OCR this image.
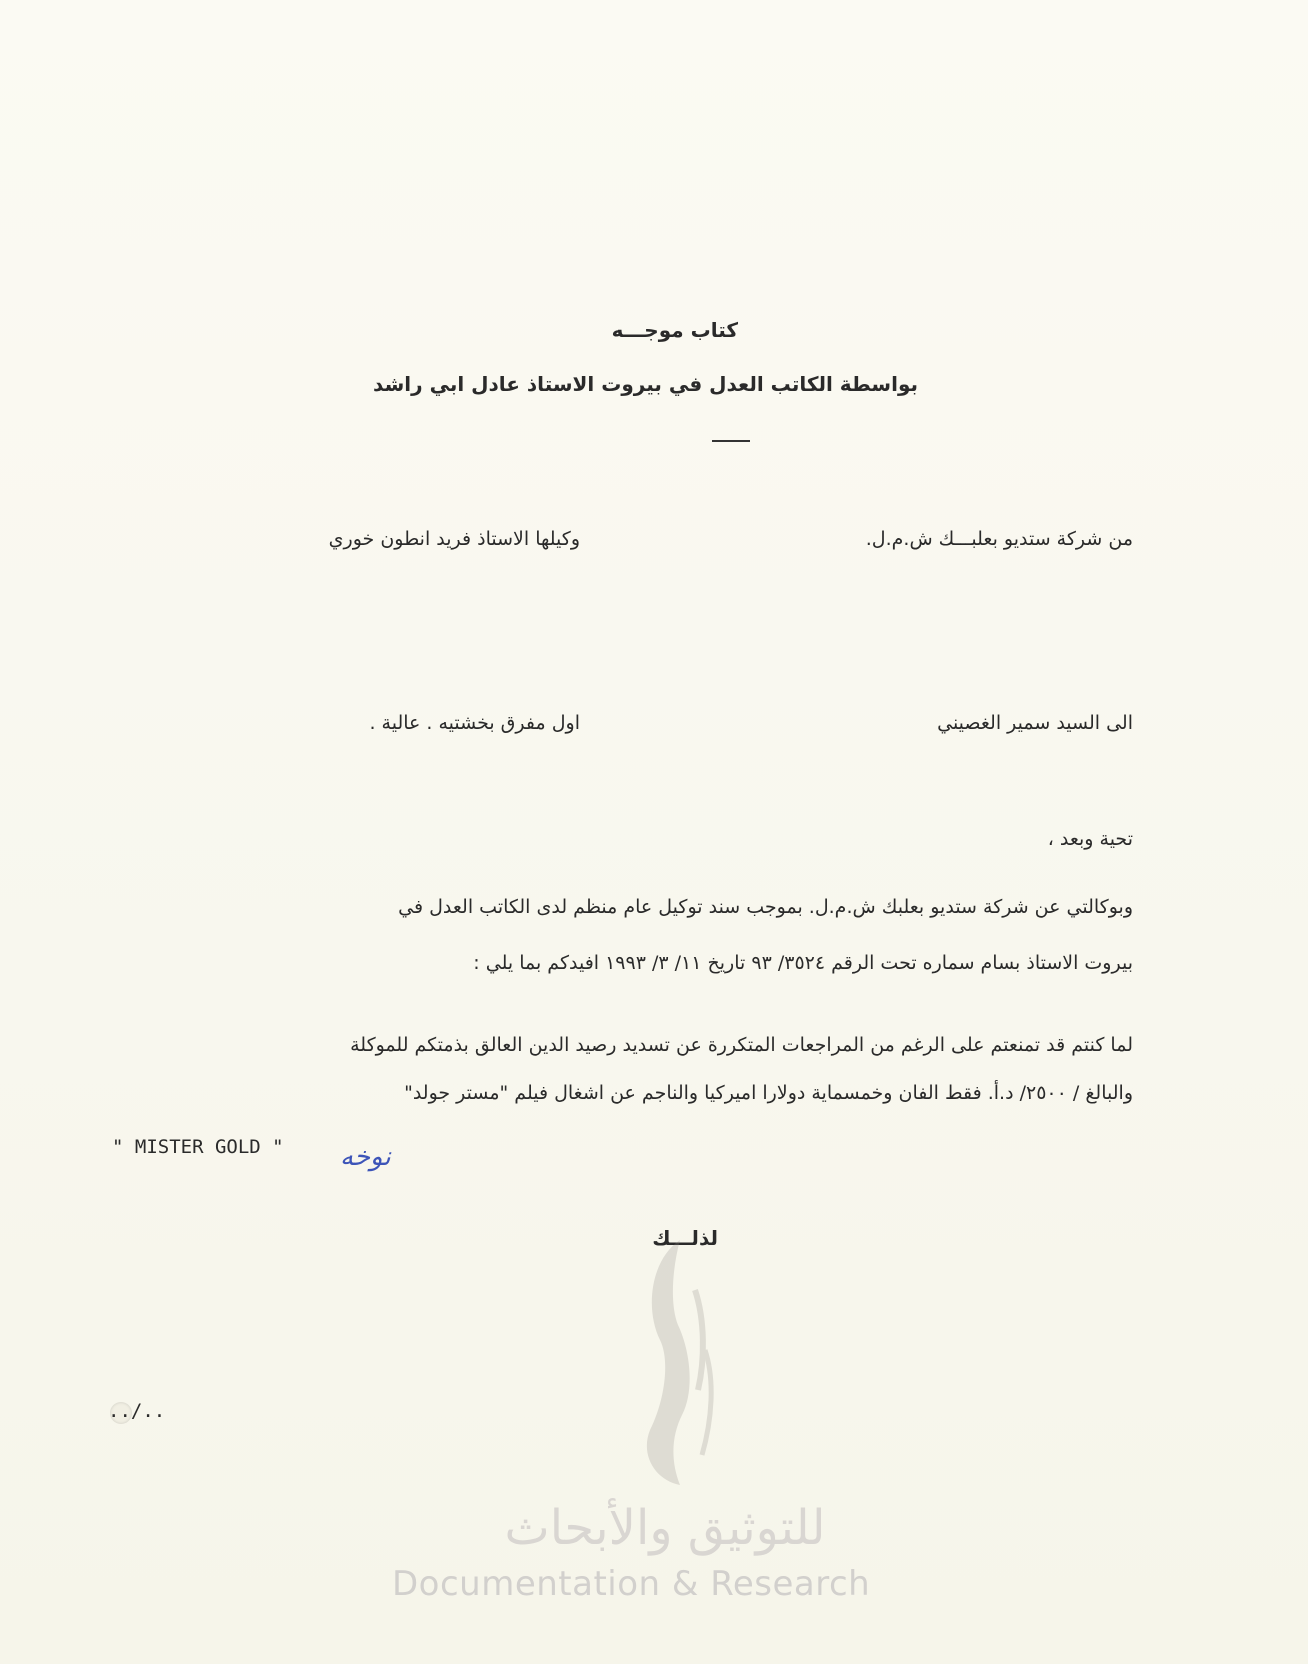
كتاب موجـــه
بواسطة الكاتب العدل في بيروت الاستاذ عادل ابي راشد
من شركة ستديو بعلبـــك ش.م.ل.
وكيلها الاستاذ فريد انطون خوري
الى السيد سمير الغصيني
اول مفرق بخشتيه . عالية .
تحية وبعد ،
وبوكالتي عن شركة ستديو بعلبك ش.م.ل. بموجب سند توكيل عام منظم لدى الكاتب العدل في
بيروت الاستاذ بسام سماره تحت الرقم ٣٥٢٤/ ٩٣ تاريخ ١١/ ٣/ ١٩٩٣ افيدكم بما يلي :
لما كنتم قد تمنعتم على الرغم من المراجعات المتكررة عن تسديد رصيد الدين العالق بذمتكم للموكلة
والبالغ / ٢٥٠٠/ د.أ. فقط الفان وخمسماية دولارا اميركيا والناجم عن اشغال فيلم "مستر جولد"
" MISTER GOLD " نوخه
لذلـــك
../..
للتوثيق والأبحاث
Documentation & Research
